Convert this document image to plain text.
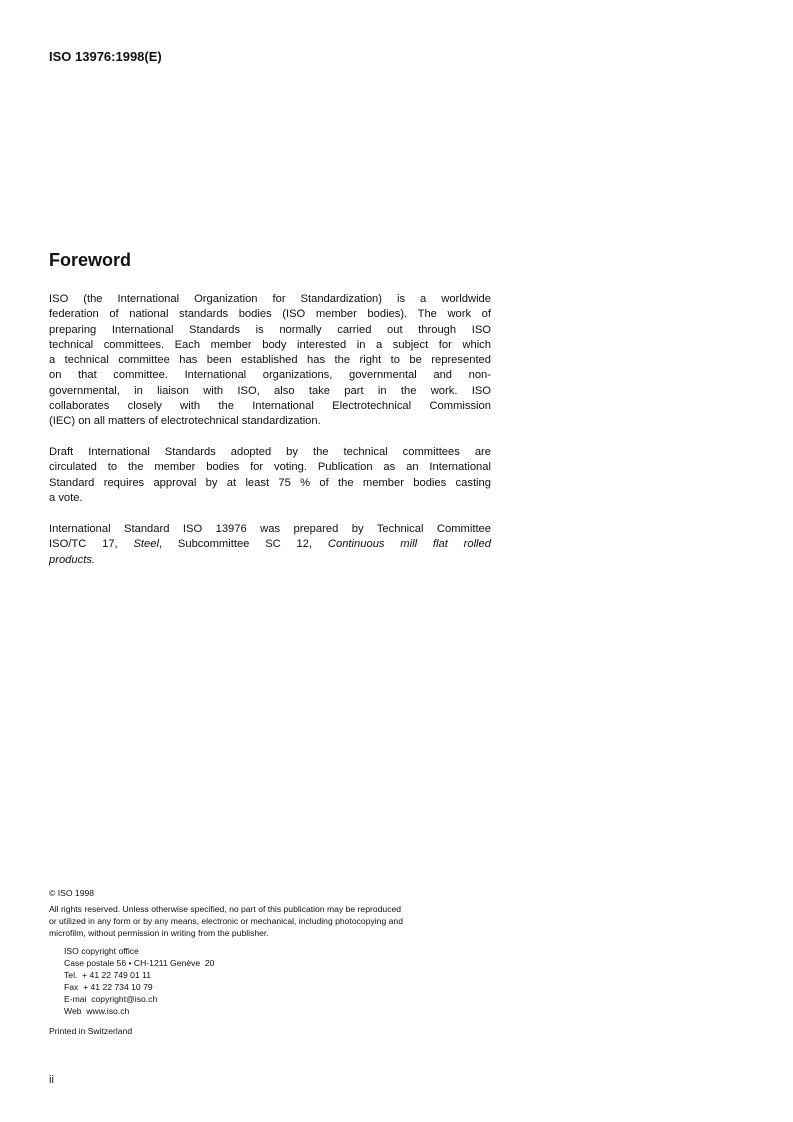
ISO 13976:1998(E)
Foreword
ISO (the International Organization for Standardization) is a worldwide
federation of national standards bodies (ISO member bodies). The work of
preparing International Standards is normally carried out through ISO
technical committees. Each member body interested in a subject for which
a technical committee has been established has the right to be represented
on that committee. International organizations, governmental and non-
governmental, in liaison with ISO, also take part in the work. ISO
collaborates closely with the International Electrotechnical Commission
(IEC) on all matters of electrotechnical standardization.
Draft International Standards adopted by the technical committees are
circulated to the member bodies for voting. Publication as an International
Standard requires approval by at least 75 % of the member bodies casting
a vote.
International Standard ISO 13976 was prepared by Technical Committee
ISO/TC 17, Steel, Subcommittee SC 12, Continuous mill flat rolled
products.
© ISO 1998
All rights reserved. Unless otherwise specified, no part of this publication may be reproduced
or utilized in any form or by any means, electronic or mechanical, including photocopying and
microfilm, without permission in writing from the publisher.
ISO copyright office
Case postale 56 • CH-1211 Genève  20
Tel.  + 41 22 749 01 11
Fax  + 41 22 734 10 79
E-mai  copyright@iso.ch
Web  www.iso.ch
Printed in Switzerland
ii
